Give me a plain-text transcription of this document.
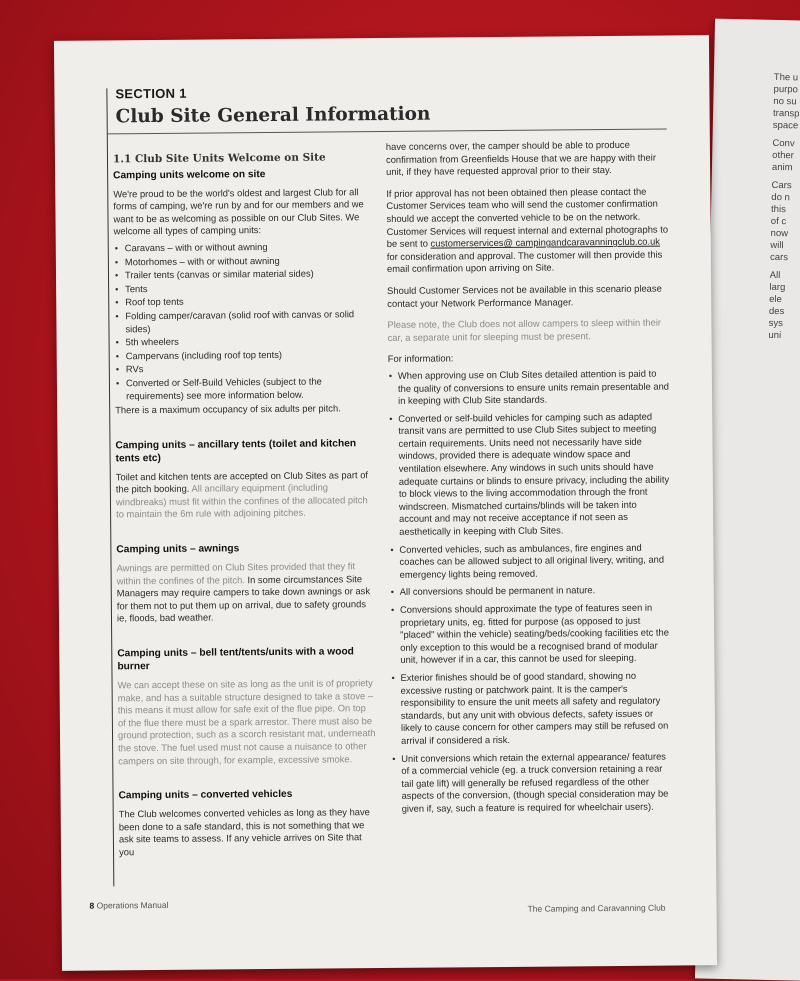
The u
purpo
no su
transp
space
Conv
other
anim
Cars
do n
this
of c
now
will
cars
All
larg
ele
des
sys
uni
SECTION 1
Club Site General Information
1.1 Club Site Units Welcome on Site
Camping units welcome on site
We're proud to be the world's oldest and largest Club for all forms of camping, we're run by and for our members and we want to be as welcoming as possible on our Club Sites. We welcome all types of camping units:
• Caravans – with or without awning
• Motorhomes – with or without awning
• Trailer tents (canvas or similar material sides)
• Tents
• Roof top tents
• Folding camper/caravan (solid roof with canvas or solid sides)
• 5th wheelers
• Campervans (including roof top tents)
• RVs
• Converted or Self-Build Vehicles (subject to the requirements) see more information below.
There is a maximum occupancy of six adults per pitch.
Camping units – ancillary tents (toilet and kitchen tents etc)
Toilet and kitchen tents are accepted on Club Sites as part of the pitch booking. All ancillary equipment (including windbreaks) must fit within the confines of the allocated pitch to maintain the 6m rule with adjoining pitches.
Camping units – awnings
Awnings are permitted on Club Sites provided that they fit within the confines of the pitch. In some circumstances Site Managers may require campers to take down awnings or ask for them not to put them up on arrival, due to safety grounds ie, floods, bad weather.
Camping units – bell tent/tents/units with a wood burner
We can accept these on site as long as the unit is of propriety make, and has a suitable structure designed to take a stove – this means it must allow for safe exit of the flue pipe. On top of the flue there must be a spark arrestor. There must also be ground protection, such as a scorch resistant mat, underneath the stove. The fuel used must not cause a nuisance to other campers on site through, for example, excessive smoke.
Camping units – converted vehicles
The Club welcomes converted vehicles as long as they have been done to a safe standard, this is not something that we ask site teams to assess. If any vehicle arrives on Site that you
have concerns over, the camper should be able to produce confirmation from Greenfields House that we are happy with their unit, if they have requested approval prior to their stay.
If prior approval has not been obtained then please contact the Customer Services team who will send the customer confirmation should we accept the converted vehicle to be on the network. Customer Services will request internal and external photographs to be sent to customerservices@ campingandcaravanningclub.co.uk for consideration and approval. The customer will then provide this email confirmation upon arriving on Site.
Should Customer Services not be available in this scenario please contact your Network Performance Manager.
Please note, the Club does not allow campers to sleep within their car, a separate unit for sleeping must be present.
For information:
• When approving use on Club Sites detailed attention is paid to the quality of conversions to ensure units remain presentable and in keeping with Club Site standards.
• Converted or self-build vehicles for camping such as adapted transit vans are permitted to use Club Sites subject to meeting certain requirements. Units need not necessarily have side windows, provided there is adequate window space and ventilation elsewhere. Any windows in such units should have adequate curtains or blinds to ensure privacy, including the ability to block views to the living accommodation through the front windscreen. Mismatched curtains/blinds will be taken into account and may not receive acceptance if not seen as aesthetically in keeping with Club Sites.
• Converted vehicles, such as ambulances, fire engines and coaches can be allowed subject to all original livery, writing, and emergency lights being removed.
• All conversions should be permanent in nature.
• Conversions should approximate the type of features seen in proprietary units, eg. fitted for purpose (as opposed to just "placed" within the vehicle) seating/beds/cooking facilities etc the only exception to this would be a recognised brand of modular unit, however if in a car, this cannot be used for sleeping.
• Exterior finishes should be of good standard, showing no excessive rusting or patchwork paint. It is the camper's responsibility to ensure the unit meets all safety and regulatory standards, but any unit with obvious defects, safety issues or likely to cause concern for other campers may still be refused on arrival if considered a risk.
• Unit conversions which retain the external appearance/ features of a commercial vehicle (eg. a truck conversion retaining a rear tail gate lift) will generally be refused regardless of the other aspects of the conversion, (though special consideration may be given if, say, such a feature is required for wheelchair users).
8 Operations Manual	The Camping and Caravanning Club
